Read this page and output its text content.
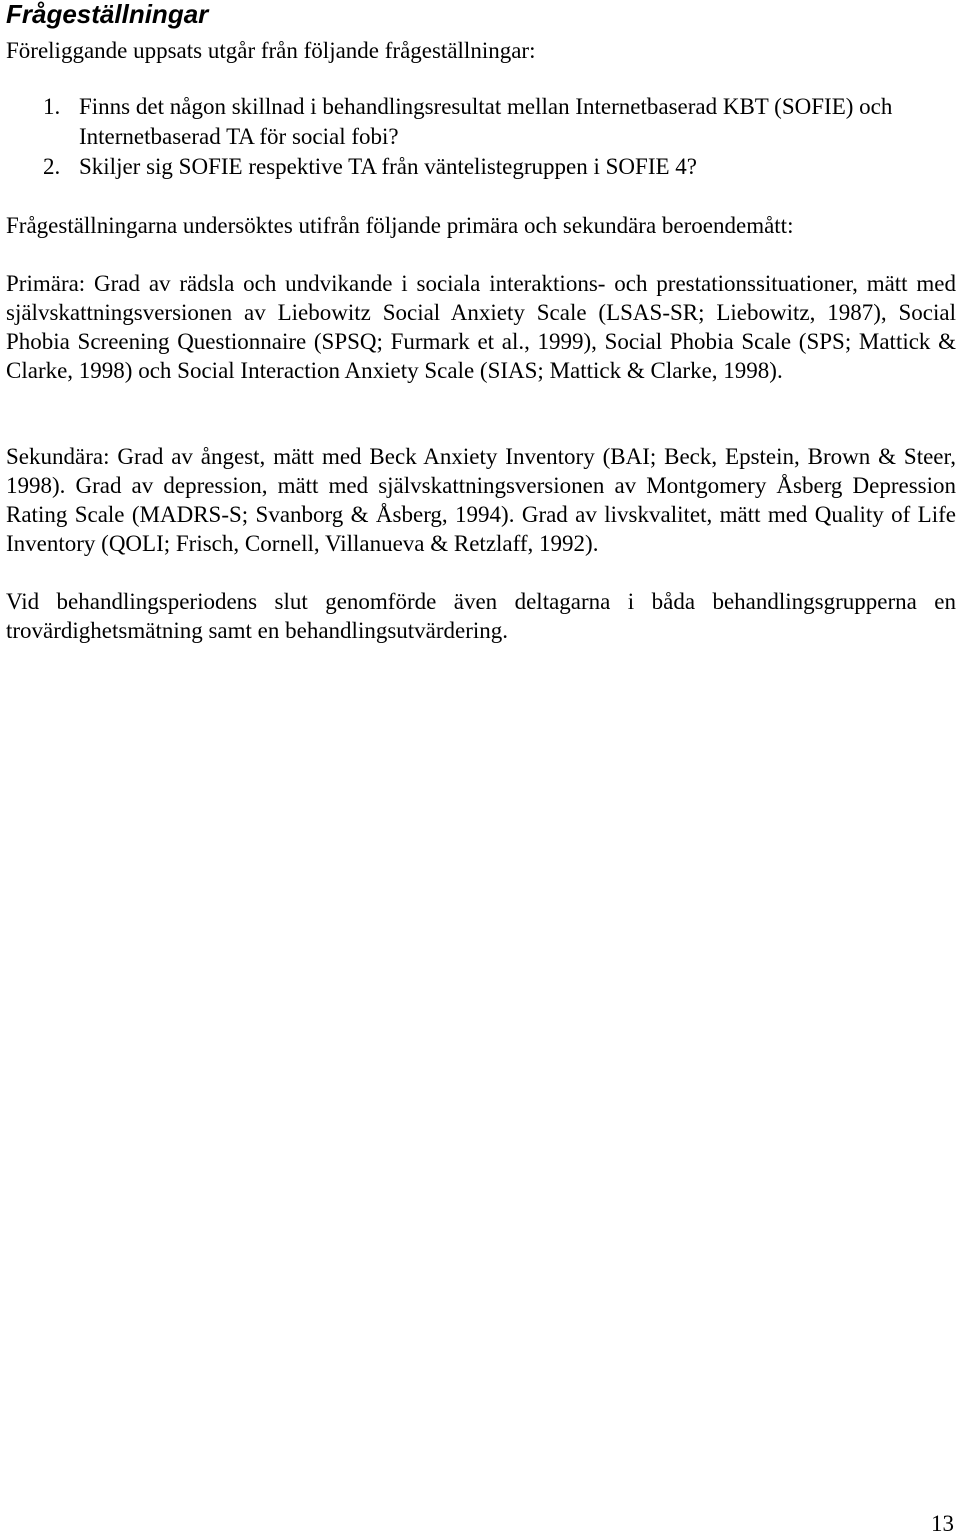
Frågeställningar

Föreliggande uppsats utgår från följande frågeställningar:

1. Finns det någon skillnad i behandlingsresultat mellan Internetbaserad KBT (SOFIE) och Internetbaserad TA för social fobi?
2. Skiljer sig SOFIE respektive TA från väntelistegruppen i SOFIE 4?

Frågeställningarna undersöktes utifrån följande primära och sekundära beroendemått:

Primära: Grad av rädsla och undvikande i sociala interaktions- och prestationssituationer, mätt med självskattningsversionen av Liebowitz Social Anxiety Scale (LSAS-SR; Liebowitz, 1987), Social Phobia Screening Questionnaire (SPSQ; Furmark et al., 1999), Social Phobia Scale (SPS; Mattick & Clarke, 1998) och Social Interaction Anxiety Scale (SIAS; Mattick & Clarke, 1998).

Sekundära: Grad av ångest, mätt med Beck Anxiety Inventory (BAI; Beck, Epstein, Brown & Steer, 1998). Grad av depression, mätt med självskattningsversionen av Montgomery Åsberg Depression Rating Scale (MADRS-S; Svanborg & Åsberg, 1994). Grad av livskvalitet, mätt med Quality of Life Inventory (QOLI; Frisch, Cornell, Villanueva & Retzlaff, 1992).

Vid behandlingsperiodens slut genomförde även deltagarna i båda behandlingsgrupperna en trovärdighetsmätning samt en behandlingsutvärdering.

13
